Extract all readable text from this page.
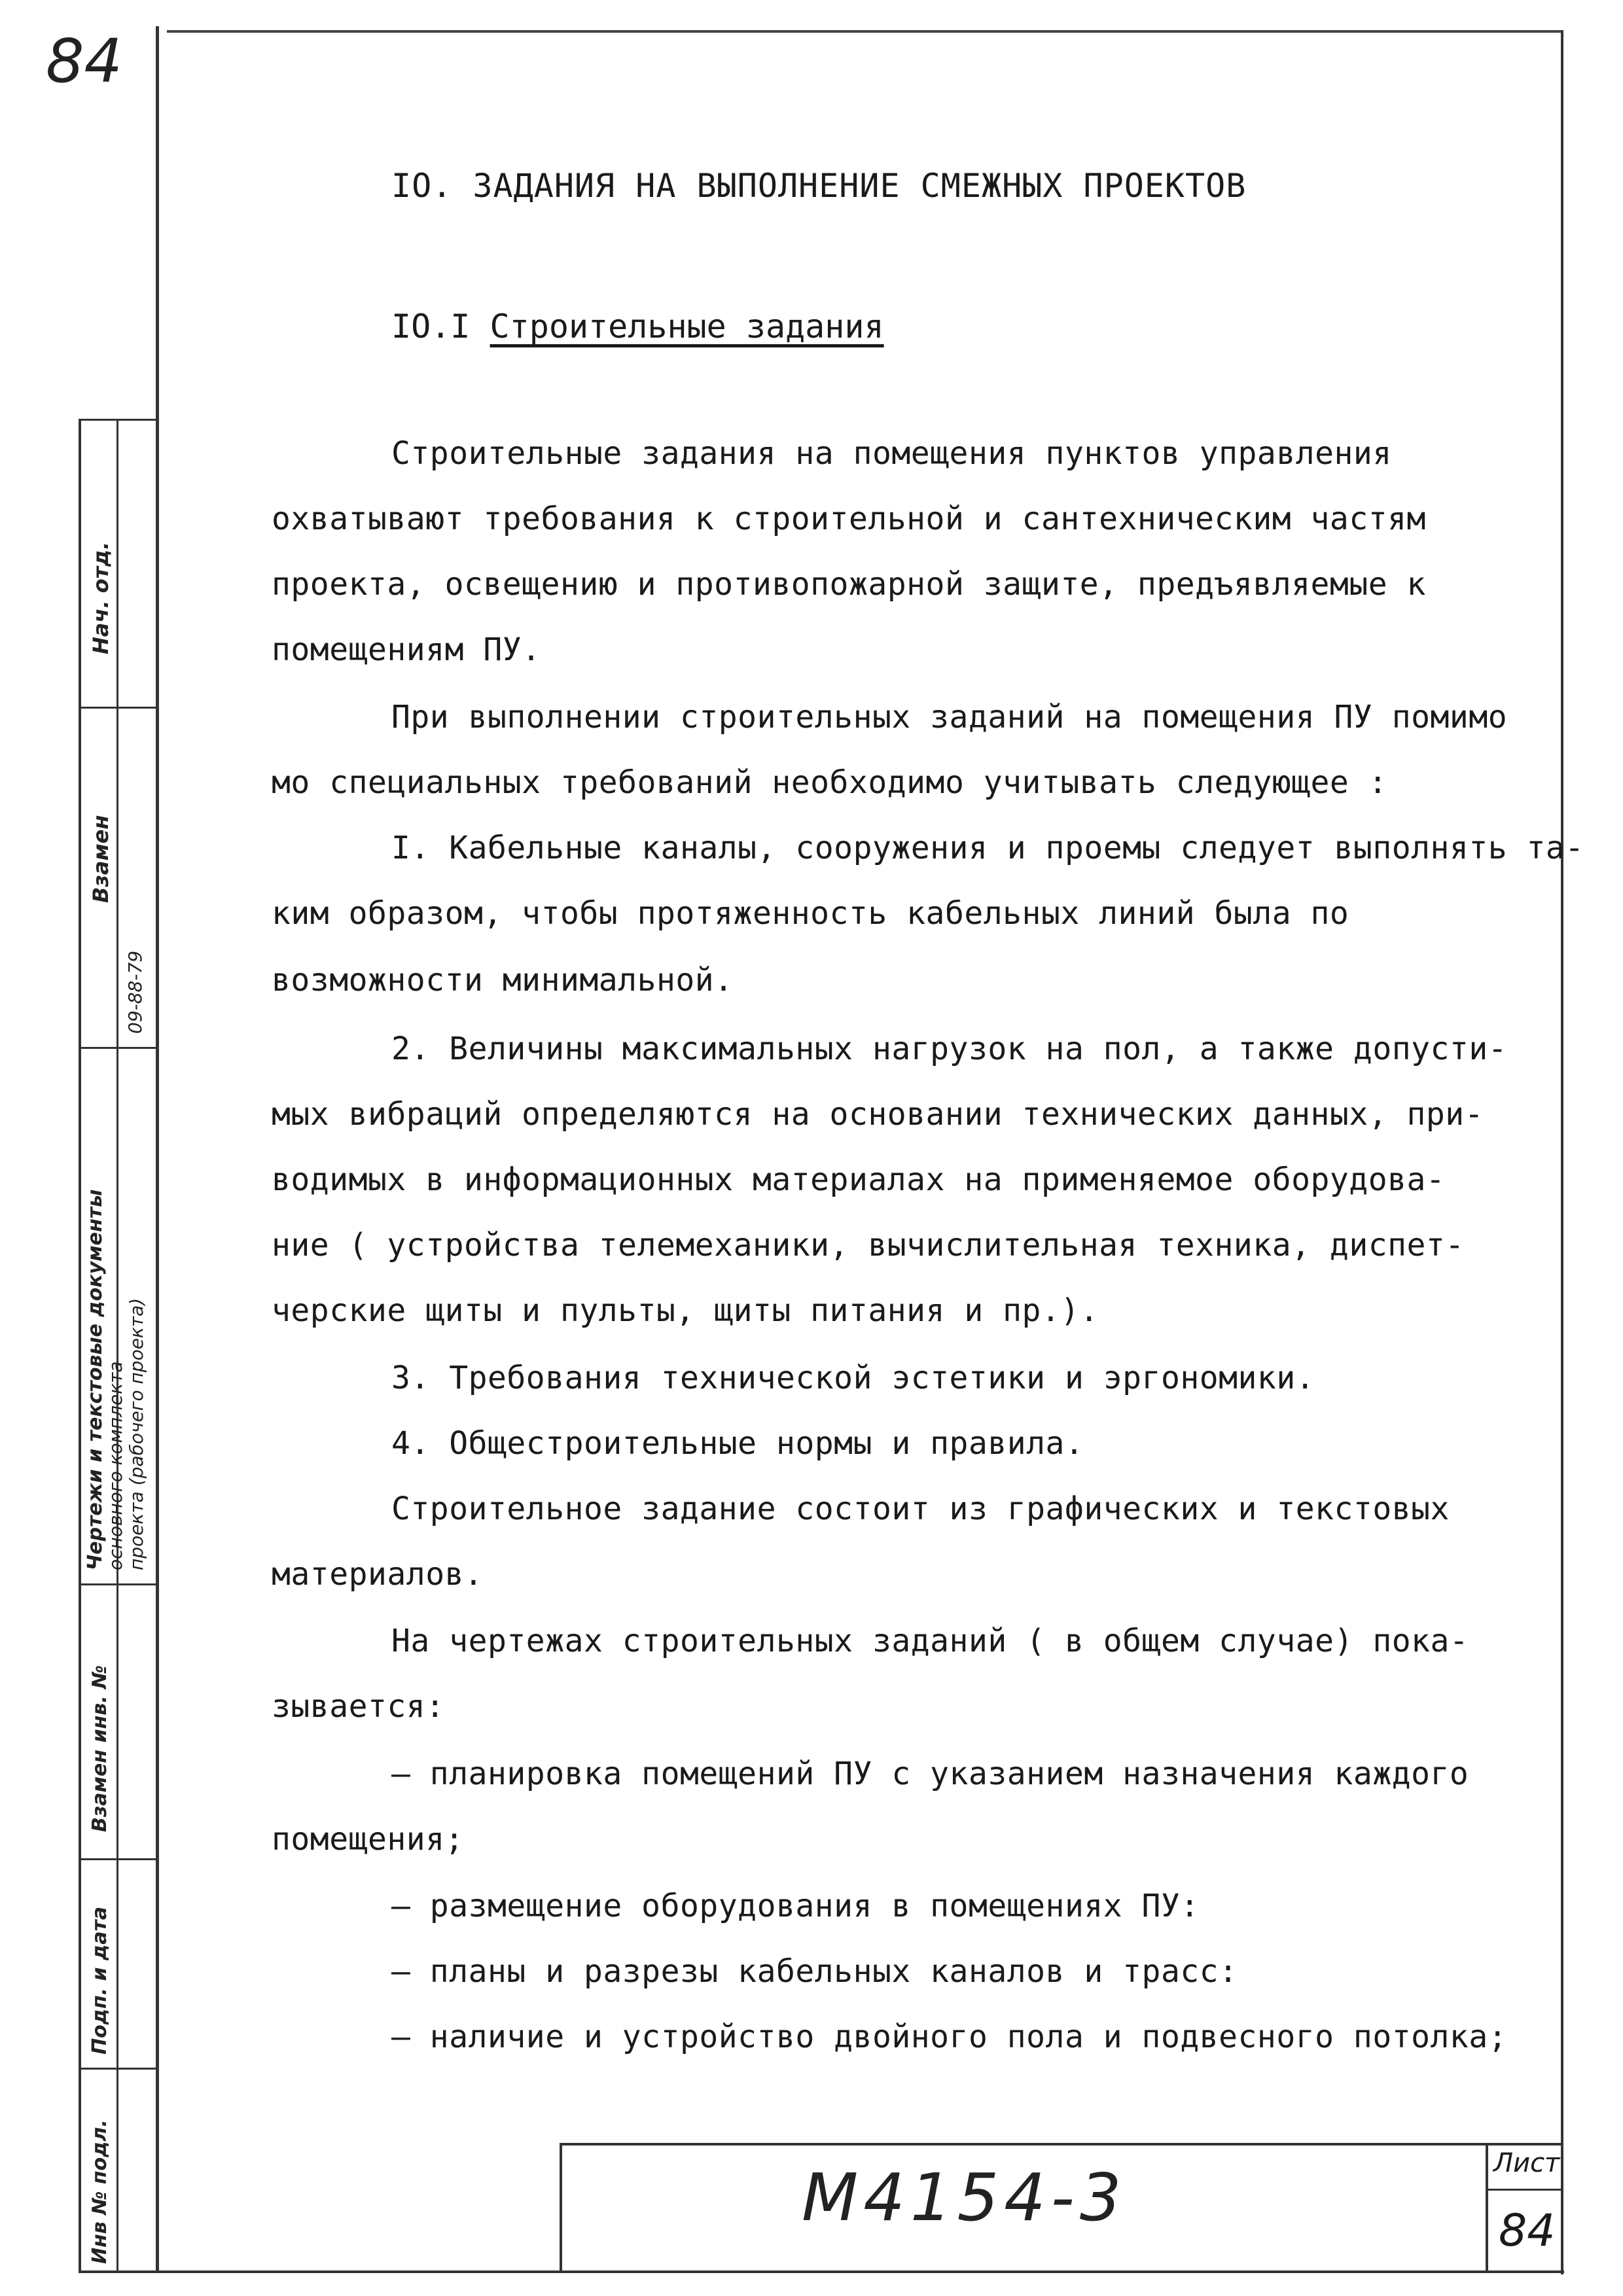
84
Нач. отд.
Взамен
09-88-79
Чертежи и текстовые документы
основного комплекта проекта (рабочего проекта)
Взамен инв. №
Подп. и дата
Инв № подл.
IO. ЗАДАНИЯ НА ВЫПОЛНЕНИЕ СМЕЖНЫХ ПРОЕКТОВ
IO.I Строительные задания
Строительные задания на помещения пунктов управления
охватывают требования к строительной и сантехническим частям
проекта, освещению и противопожарной защите, предъявляемые к
помещениям ПУ.
При выполнении строительных заданий на помещения ПУ помимо
мо специальных требований необходимо учитывать следующее :
I. Кабельные каналы, сооружения и проемы следует выполнять та-
ким образом, чтобы протяженность кабельных линий была по
возможности минимальной.
2. Величины максимальных нагрузок на пол, а также допусти-
мых вибраций определяются на основании технических данных, при-
водимых в информационных материалах на применяемое оборудова-
ние ( устройства телемеханики, вычислительная техника, диспет-
черские щиты и пульты, щиты питания и пр.).
3. Требования технической эстетики и эргономики.
4. Общестроительные нормы и правила.
Строительное задание состоит из графических и текстовых
материалов.
На чертежах строительных заданий ( в общем случае) пока-
зывается:
– планировка помещений ПУ с указанием назначения каждого
помещения;
– размещение оборудования в помещениях ПУ:
– планы и разрезы кабельных каналов и трасс:
– наличие и устройство двойного пола и подвесного потолка;
М4154-3	Лист
84
